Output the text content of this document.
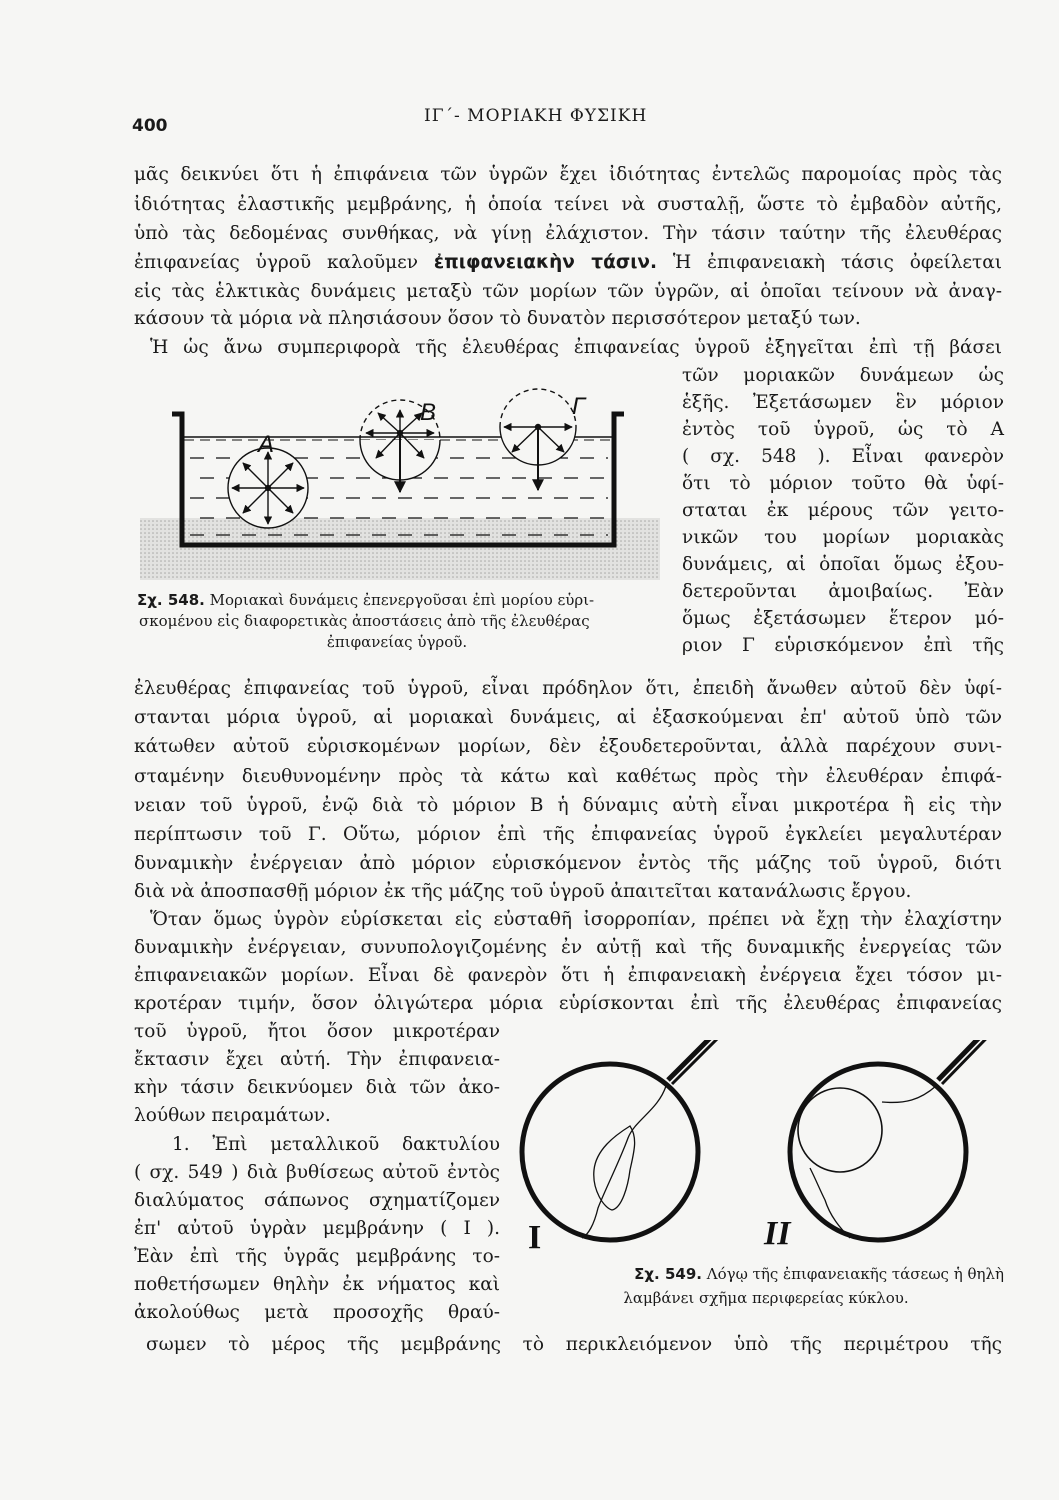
400	ΙΓ΄- ΜΟΡΙΑΚΗ ΦΥΣΙΚΗ
μᾶς δεικνύει ὅτι ἡ ἐπιφάνεια τῶν ὑγρῶν ἔχει ἰδιότητας ἐντελῶς παρομοίας πρὸς τὰς
ἰδιότητας ἐλαστικῆς μεμβράνης, ἡ ὁποία τείνει νὰ συσταλῇ, ὥστε τὸ ἐμβαδὸν αὐτῆς,
ὑπὸ τὰς δεδομένας συνθήκας, νὰ γίνῃ ἐλάχιστον. Τὴν τάσιν ταύτην τῆς ἐλευθέρας
ἐπιφανείας ὑγροῦ καλοῦμεν ἐπιφανειακὴν τάσιν. Ἡ ἐπιφανειακὴ τάσις ὀφείλεται
εἰς τὰς ἑλκτικὰς δυνάμεις μεταξὺ τῶν μορίων τῶν ὑγρῶν, αἱ ὁποῖαι τείνουν νὰ ἀναγ-
κάσουν τὰ μόρια νὰ πλησιάσουν ὅσον τὸ δυνατὸν περισσότερον μεταξύ των.
Ἡ ὡς ἄνω συμπεριφορὰ τῆς ἐλευθέρας ἐπιφανείας ὑγροῦ ἐξηγεῖται ἐπὶ τῇ βάσει
τῶν μοριακῶν δυνάμεων ὡς
ἑξῆς. Ἐξετάσωμεν ἓν μόριον
ἐντὸς τοῦ ὑγροῦ, ὡς τὸ Α
( σχ. 548 ). Εἶναι φανερὸν
ὅτι τὸ μόριον τοῦτο θὰ ὑφί-
σταται ἐκ μέρους τῶν γειτο-
νικῶν του μορίων μοριακὰς
δυνάμεις, αἱ ὁποῖαι ὅμως ἐξου-
δετεροῦνται ἀμοιβαίως. Ἐὰν
ὅμως ἐξετάσωμεν ἕτερον μό-
ριον Γ εὑρισκόμενον ἐπὶ τῆς
ἐλευθέρας ἐπιφανείας τοῦ ὑγροῦ, εἶναι πρόδηλον ὅτι, ἐπειδὴ ἄνωθεν αὐτοῦ δὲν ὑφί-
στανται μόρια ὑγροῦ, αἱ μοριακαὶ δυνάμεις, αἱ ἐξασκούμεναι ἐπ' αὐτοῦ ὑπὸ τῶν
κάτωθεν αὐτοῦ εὑρισκομένων μορίων, δὲν ἐξουδετεροῦνται, ἀλλὰ παρέχουν συνι-
σταμένην διευθυνομένην πρὸς τὰ κάτω καὶ καθέτως πρὸς τὴν ἐλευθέραν ἐπιφά-
νειαν τοῦ ὑγροῦ, ἐνῷ διὰ τὸ μόριον Β ἡ δύναμις αὐτὴ εἶναι μικροτέρα ἢ εἰς τὴν
περίπτωσιν τοῦ Γ. Οὕτω, μόριον ἐπὶ τῆς ἐπιφανείας ὑγροῦ ἐγκλείει μεγαλυτέραν
δυναμικὴν ἐνέργειαν ἀπὸ μόριον εὑρισκόμενον ἐντὸς τῆς μάζης τοῦ ὑγροῦ, διότι
διὰ νὰ ἀποσπασθῇ μόριον ἐκ τῆς μάζης τοῦ ὑγροῦ ἀπαιτεῖται κατανάλωσις ἔργου.
Ὅταν ὅμως ὑγρὸν εὑρίσκεται εἰς εὐσταθῆ ἰσορροπίαν, πρέπει νὰ ἔχῃ τὴν ἐλαχίστην
δυναμικὴν ἐνέργειαν, συνυπολογιζομένης ἐν αὐτῇ καὶ τῆς δυναμικῆς ἐνεργείας τῶν
ἐπιφανειακῶν μορίων. Εἶναι δὲ φανερὸν ὅτι ἡ ἐπιφανειακὴ ἐνέργεια ἔχει τόσον μι-
κροτέραν τιμήν, ὅσον ὀλιγώτερα μόρια εὑρίσκονται ἐπὶ τῆς ἐλευθέρας ἐπιφανείας
τοῦ ὑγροῦ, ἤτοι ὅσον μικροτέραν
ἔκτασιν ἔχει αὐτή. Τὴν ἐπιφανεια-
κὴν τάσιν δεικνύομεν διὰ τῶν ἀκο-
λούθων πειραμάτων.
1. Ἐπὶ μεταλλικοῦ δακτυλίου
( σχ. 549 ) διὰ βυθίσεως αὐτοῦ ἐντὸς
διαλύματος σάπωνος σχηματίζομεν
ἐπ' αὐτοῦ ὑγρὰν μεμβράνην ( Ι ).
Ἐὰν ἐπὶ τῆς ὑγρᾶς μεμβράνης το-
ποθετήσωμεν θηλὴν ἐκ νήματος καὶ
ἀκολούθως μετὰ προσοχῆς θραύ-
σωμεν τὸ μέρος τῆς μεμβράνης τὸ περικλειόμενον ὑπὸ τῆς περιμέτρου τῆς
Α
Β	Γ
Σχ. 548. Μοριακαὶ δυνάμεις ἐπενεργοῦσαι ἐπὶ μορίου εὑρι-
σκομένου εἰς διαφορετικὰς ἀποστάσεις ἀπὸ τῆς ἐλευθέρας
ἐπιφανείας ὑγροῦ.
Ι	ΙΙ
Σχ. 549. Λόγῳ τῆς ἐπιφανειακῆς τάσεως ἡ θηλὴ
λαμβάνει σχῆμα περιφερείας κύκλου.
